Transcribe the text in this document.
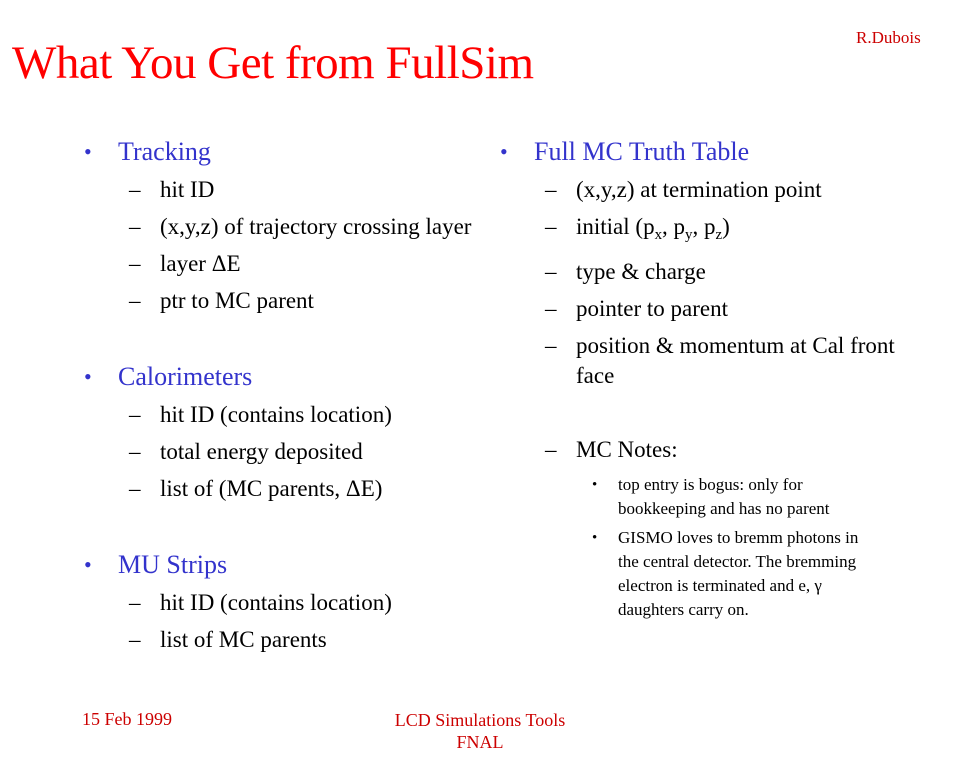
R.Dubois
What You Get from FullSim
• Tracking
– hit ID
– (x,y,z) of trajectory crossing layer
– layer ΔE
– ptr to MC parent
• Calorimeters
– hit ID (contains location)
– total energy deposited
– list of (MC parents, ΔE)
• MU Strips
– hit ID (contains location)
– list of MC parents
• Full MC Truth Table
– (x,y,z) at termination point
– initial ($p_x$, $p_y$, $p_z$)
– type & charge
– pointer to parent
– position & momentum at Cal front face
– MC Notes:
• top entry is bogus: only for bookkeeping and has no parent
• GISMO loves to bremm photons in the central detector. The bremming electron is terminated and e, γ daughters carry on.
15 Feb 1999	LCD Simulations Tools
FNAL
